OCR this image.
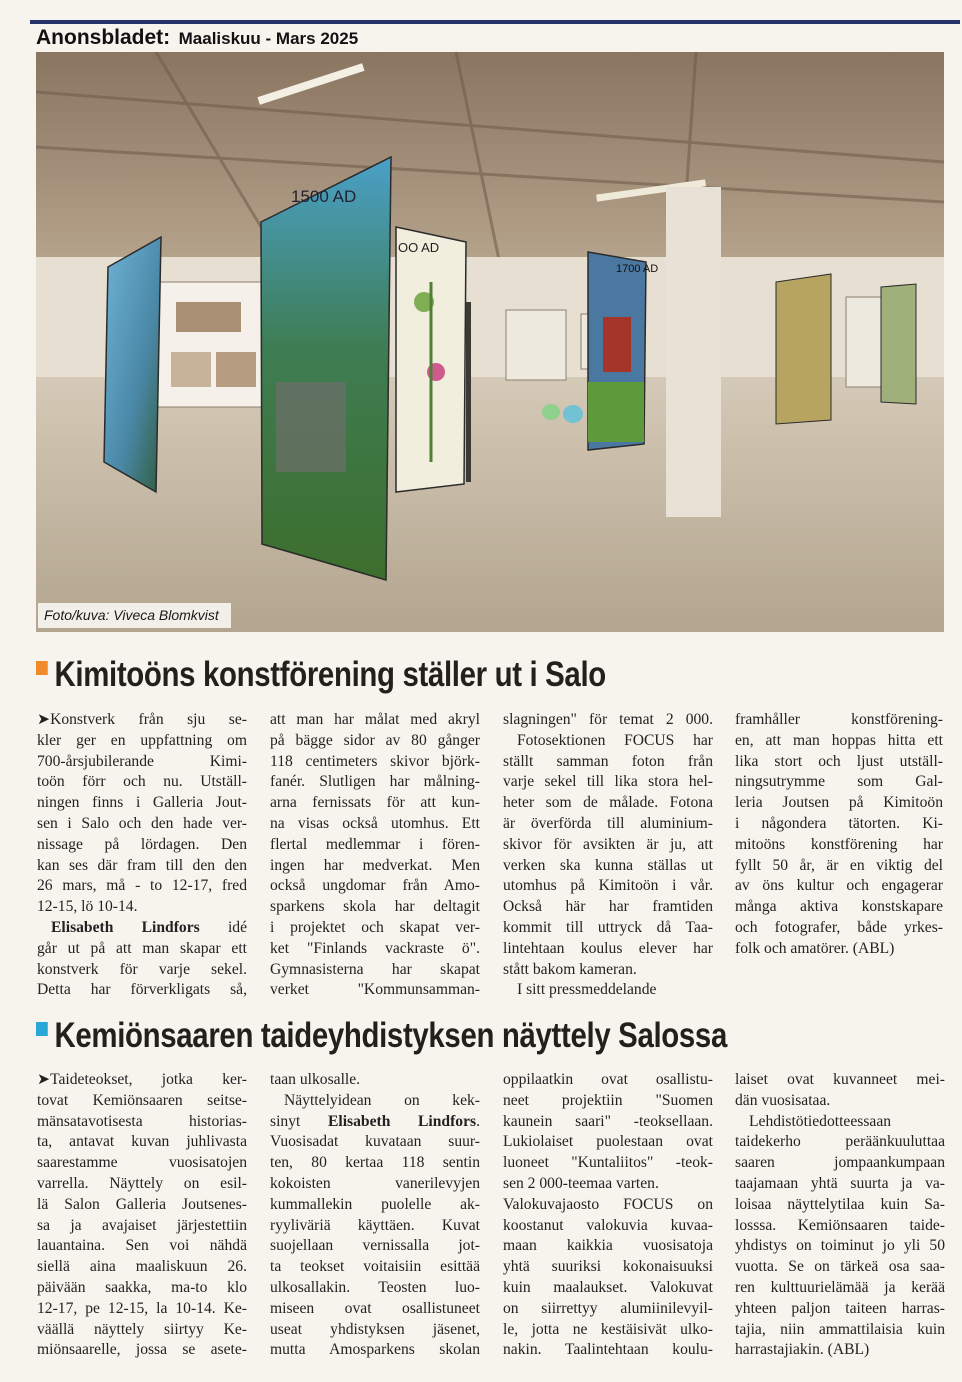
Anonsbladet: Maaliskuu - Mars 2025
1500 AD
OO AD
1700 AD
Foto/kuva: Viveca Blomkvist
Kimitoöns konstförening ställer ut i Salo
➤Konstverk från sju se-
kler ger en uppfattning om
700-årsjubilerande Kimi-
toön förr och nu. Utställ-
ningen finns i Galleria Jout-
sen i Salo och den hade ver-
nissage på lördagen. Den
kan ses där fram till den den
26 mars, må - to 12-17, fred
12-15, lö 10-14.
Elisabeth Lindfors idé
går ut på att man skapar ett
konstverk för varje sekel.
Detta har förverkligats så,
att man har målat med akryl
på bägge sidor av 80 gånger
118 centimeters skivor björk-
fanér. Slutligen har målning-
arna fernissats för att kun-
na visas också utomhus. Ett
flertal medlemmar i fören-
ingen har medverkat. Men
också ungdomar från Amo-
sparkens skola har deltagit
i projektet och skapat ver-
ket "Finlands vackraste ö".
Gymnasisterna har skapat
verket "Kommunsamman-
slagningen" för temat 2 000.
Fotosektionen FOCUS har
ställt samman foton från
varje sekel till lika stora hel-
heter som de målade. Fotona
är överförda till aluminium-
skivor för avsikten är ju, att
verken ska kunna ställas ut
utomhus på Kimitoön i vår.
Också här har framtiden
kommit till uttryck då Taa-
lintehtaan koulus elever har
stått bakom kameran.
I sitt pressmeddelande
framhåller konstförening-
en, att man hoppas hitta ett
lika stort och ljust utställ-
ningsutrymme som Gal-
leria Joutsen på Kimitoön
i någondera tätorten. Ki-
mitoöns konstförening har
fyllt 50 år, är en viktig del
av öns kultur och engagerar
många aktiva konstskapare
och fotografer, både yrkes-
folk och amatörer. (ABL)
Kemiönsaaren taideyhdistyksen näyttely Salossa
➤Taideteokset, jotka ker-
tovat Kemiönsaaren seitse-
mänsatavotisesta historias-
ta, antavat kuvan juhlivasta
saarestamme vuosisatojen
varrella. Näyttely on esil-
lä Salon Galleria Joutsenes-
sa ja avajaiset järjestettiin
lauantaina. Sen voi nähdä
siellä aina maaliskuun 26.
päivään saakka, ma-to klo
12-17, pe 12-15, la 10-14. Ke-
väällä näyttely siirtyy Ke-
miönsaarelle, jossa se asete-
taan ulkosalle.
Näyttelyidean on kek-
sinyt Elisabeth Lindfors.
Vuosisadat kuvataan suur-
ten, 80 kertaa 118 sentin
kokoisten vanerilevyjen
kummallekin puolelle ak-
ryyliväriä käyttäen. Kuvat
suojellaan vernissalla jot-
ta teokset voitaisiin esittää
ulkosallakin. Teosten luo-
miseen ovat osallistuneet
useat yhdistyksen jäsenet,
mutta Amosparkens skolan
oppilaatkin ovat osallistu-
neet projektiin "Suomen
kaunein saari" -teoksellaan.
Lukiolaiset puolestaan ovat
luoneet "Kuntaliitos" -teok-
sen 2 000-teemaa varten.
Valokuvajaosto FOCUS on
koostanut valokuvia kuvaa-
maan kaikkia vuosisatoja
yhtä suuriksi kokonaisuuksi
kuin maalaukset. Valokuvat
on siirrettyy alumiinilevyil-
le, jotta ne kestäisivät ulko-
nakin. Taalintehtaan koulu-
laiset ovat kuvanneet mei-
dän vuosisataa.
Lehdistötiedotteessaan
taidekerho peräänkuuluttaa
saaren jompaankumpaan
taajamaan yhtä suurta ja va-
loisaa näyttelytilaa kuin Sa-
losssa. Kemiönsaaren taide-
yhdistys on toiminut jo yli 50
vuotta. Se on tärkeä osa saa-
ren kulttuurielämää ja kerää
yhteen paljon taiteen harras-
tajia, niin ammattilaisia kuin
harrastajiakin. (ABL)
